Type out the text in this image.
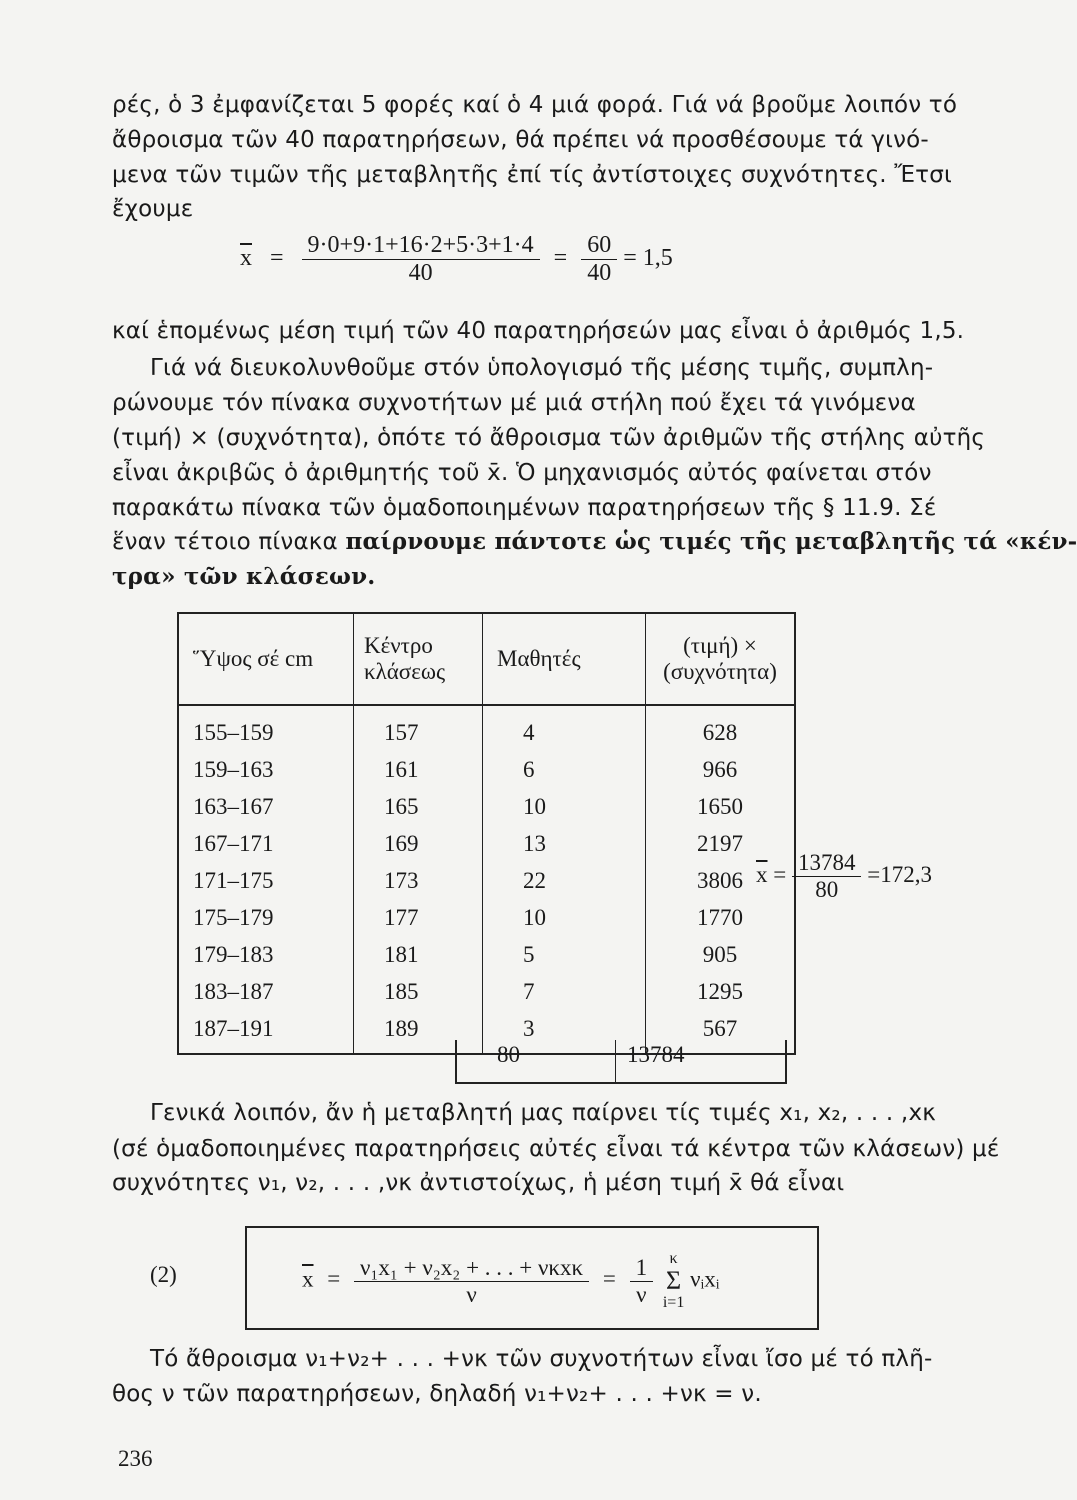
ρές, ὁ 3 ἐμφανίζεται 5 φορές καί ὁ 4 μιά φορά. Γιά νά βροῦμε λοιπόν τό
ἄθροισμα τῶν 40 παρατηρήσεων, θά πρέπει νά προσθέσουμε τά γινό-
μενα τῶν τιμῶν τῆς μεταβλητῆς ἐπί τίς ἀντίστοιχες συχνότητες. Ἔτσι
ἔχουμε
$\overline{x} = \frac{9\cdot 0+9\cdot 1+16\cdot 2+5\cdot 3+1\cdot 4}{40} = \frac{60}{40} = 1,5$
καί ἑπομένως μέση τιμή τῶν 40 παρατηρήσεών μας εἶναι ὁ ἀριθμός 1,5.
Γιά νά διευκολυνθοῦμε στόν ὑπολογισμό τῆς μέσης τιμῆς, συμπλη-
ρώνουμε τόν πίνακα συχνοτήτων μέ μιά στήλη πού ἔχει τά γινόμενα
(τιμή) × (συχνότητα), ὁπότε τό ἄθροισμα τῶν ἀριθμῶν τῆς στήλης αὐτῆς
εἶναι ἀκριβῶς ὁ ἀριθμητής τοῦ x̄. Ὁ μηχανισμός αὐτός φαίνεται στόν
παρακάτω πίνακα τῶν ὁμαδοποιημένων παρατηρήσεων τῆς § 11.9. Σέ
ἕναν τέτοιο πίνακα παίρνουμε πάντοτε ὡς τιμές τῆς μεταβλητῆς τά «κέν-
τρα» τῶν κλάσεων.
Ὕψος σέ cm	Κέντρο κλάσεως	Μαθητές	(τιμή) × (συχνότητα)
155–159	157	4	628
159–163	161	6	966
163–167	165	10	1650
167–171	169	13	2197
171–175	173	22	3806
175–179	177	10	1770
179–183	181	5	905
183–187	185	7	1295
187–191	189	3	567
80	13784
$\overline{x} = \frac{13784}{80} =172,3$
Γενικά λοιπόν, ἄν ἡ μεταβλητή μας παίρνει τίς τιμές x₁, x₂, . . . ,xκ
(σέ ὁμαδοποιημένες παρατηρήσεις αὐτές εἶναι τά κέντρα τῶν κλάσεων) μέ
συχνότητες ν₁, ν₂, . . . ,νκ ἀντιστοίχως, ἡ μέση τιμή x̄ θά εἶναι
(2)	$\overline{x} = \frac{\text{ν₁x₁ + ν₂x₂ + . . . + νκxκ}}{\nu} = \frac{1}{\nu}$
	κ
Σ
i=1
νᵢxᵢ
Τό ἄθροισμα ν₁+ν₂+ . . . +νκ τῶν συχνοτήτων εἶναι ἴσο μέ τό πλῆ-
θος ν τῶν παρατηρήσεων, δηλαδή ν₁+ν₂+ . . . +νκ = ν.
236
